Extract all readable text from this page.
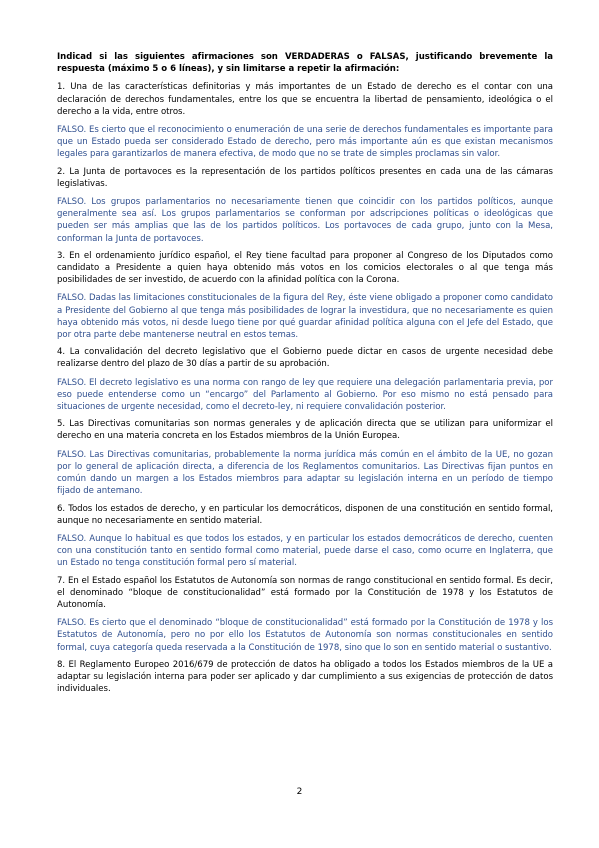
Indicad si las siguientes afirmaciones son VERDADERAS o FALSAS, justificando brevemente la respuesta (máximo 5 o 6 líneas), y sin limitarse a repetir la afirmación:

1. Una de las características definitorias y más importantes de un Estado de derecho es el contar con una declaración de derechos fundamentales, entre los que se encuentra la libertad de pensamiento, ideológica o el derecho a la vida, entre otros.

FALSO. Es cierto que el reconocimiento o enumeración de una serie de derechos fundamentales es importante para que un Estado pueda ser considerado Estado de derecho, pero más importante aún es que existan mecanismos legales para garantizarlos de manera efectiva, de modo que no se trate de simples proclamas sin valor.

2. La Junta de portavoces es la representación de los partidos políticos presentes en cada una de las cámaras legislativas.

FALSO. Los grupos parlamentarios no necesariamente tienen que coincidir con los partidos políticos, aunque generalmente sea así. Los grupos parlamentarios se conforman por adscripciones políticas o ideológicas que pueden ser más amplias que las de los partidos políticos. Los portavoces de cada grupo, junto con la Mesa, conforman la Junta de portavoces.

3. En el ordenamiento jurídico español, el Rey tiene facultad para proponer al Congreso de los Diputados como candidato a Presidente a quien haya obtenido más votos en los comicios electorales o al que tenga más posibilidades de ser investido, de acuerdo con la afinidad política con la Corona.

FALSO. Dadas las limitaciones constitucionales de la figura del Rey, éste viene obligado a proponer como candidato a Presidente del Gobierno al que tenga más posibilidades de lograr la investidura, que no necesariamente es quien haya obtenido más votos, ni desde luego tiene por qué guardar afinidad política alguna con el Jefe del Estado, que por otra parte debe mantenerse neutral en estos temas.

4. La convalidación del decreto legislativo que el Gobierno puede dictar en casos de urgente necesidad debe realizarse dentro del plazo de 30 días a partir de su aprobación.

FALSO. El decreto legislativo es una norma con rango de ley que requiere una delegación parlamentaria previa, por eso puede entenderse como un “encargo” del Parlamento al Gobierno. Por eso mismo no está pensado para situaciones de urgente necesidad, como el decreto-ley, ni requiere convalidación posterior.

5. Las Directivas comunitarias son normas generales y de aplicación directa que se utilizan para uniformizar el derecho en una materia concreta en los Estados miembros de la Unión Europea.

FALSO. Las Directivas comunitarias, probablemente la norma jurídica más común en el ámbito de la UE, no gozan por lo general de aplicación directa, a diferencia de los Reglamentos comunitarios. Las Directivas fijan puntos en común dando un margen a los Estados miembros para adaptar su legislación interna en un período de tiempo fijado de antemano.

6. Todos los estados de derecho, y en particular los democráticos, disponen de una constitución en sentido formal, aunque no necesariamente en sentido material.

FALSO. Aunque lo habitual es que todos los estados, y en particular los estados democráticos de derecho, cuenten con una constitución tanto en sentido formal como material, puede darse el caso, como ocurre en Inglaterra, que un Estado no tenga constitución formal pero sí material.

7. En el Estado español los Estatutos de Autonomía son normas de rango constitucional en sentido formal. Es decir, el denominado “bloque de constitucionalidad” está formado por la Constitución de 1978 y los Estatutos de Autonomía.

FALSO. Es cierto que el denominado “bloque de constitucionalidad” está formado por la Constitución de 1978 y los Estatutos de Autonomía, pero no por ello los Estatutos de Autonomía son normas constitucionales en sentido formal, cuya categoría queda reservada a la Constitución de 1978, sino que lo son en sentido material o sustantivo.

8. El Reglamento Europeo 2016/679 de protección de datos ha obligado a todos los Estados miembros de la UE a adaptar su legislación interna para poder ser aplicado y dar cumplimiento a sus exigencias de protección de datos individuales.

2
